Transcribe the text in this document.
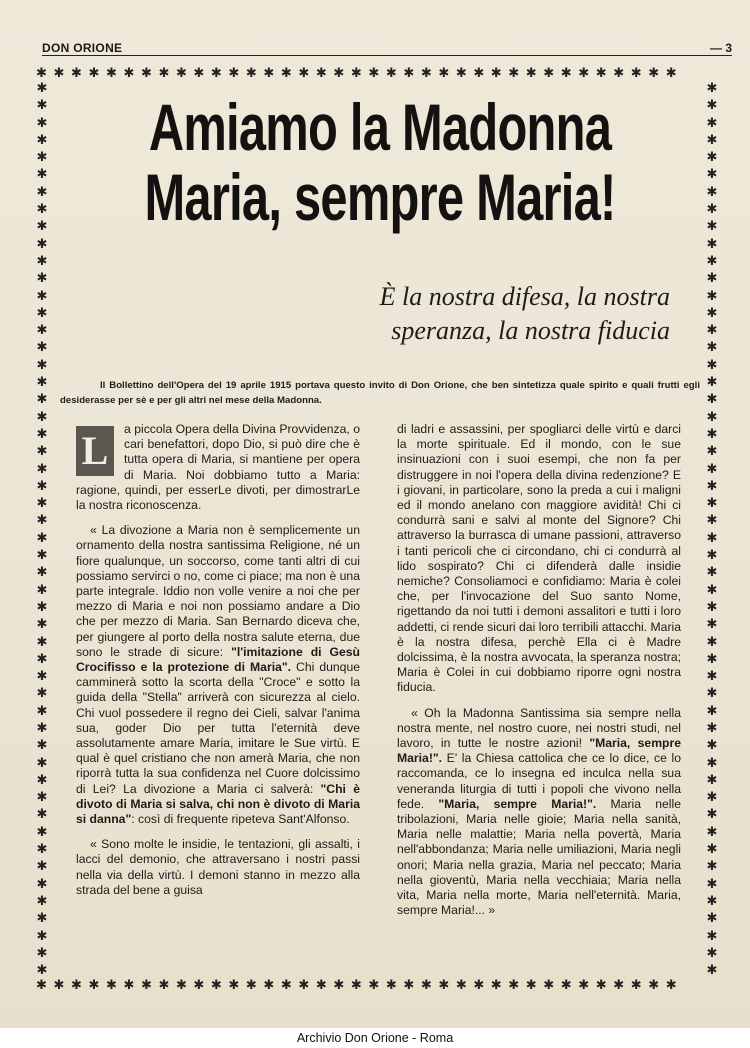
DON ORIONE	— 3
✱✱✱✱✱✱✱✱✱✱✱✱✱✱✱✱✱✱✱✱✱✱✱✱✱✱✱✱✱✱✱✱✱✱✱✱✱
✱✱✱✱✱✱✱✱✱✱✱✱✱✱✱✱✱✱✱✱✱✱✱✱✱✱✱✱✱✱✱✱✱✱✱✱✱
✱
✱
✱
✱
✱
✱
✱
✱
✱
✱
✱
✱
✱
✱
✱
✱
✱
✱
✱
✱
✱
✱
✱
✱
✱
✱
✱
✱
✱
✱
✱
✱
✱
✱
✱
✱
✱
✱
✱
✱
✱
✱
✱
✱
✱
✱
✱
✱
✱
✱
✱
✱
✱
✱
✱
✱
✱
✱
✱
✱
✱
✱
✱
✱
✱
✱
✱
✱
✱
✱
✱
✱
✱
✱
✱
✱
✱
✱
✱
✱
✱
✱
✱
✱
✱
✱
✱
✱
✱
✱
✱
✱
✱
✱
✱
✱
✱
✱
✱
✱
✱
✱
✱
✱
Amiamo la Madonna
Maria, sempre Maria!
È la nostra difesa, la nostra
speranza, la nostra fiducia

Il Bollettino dell'Opera del 19 aprile 1915 portava questo invito di Don Orione, che ben sintetizza quale spirito e quali frutti egli desiderasse per sè e per gli altri nel mese della Madonna.

L	a piccola Opera della Divina Provvidenza, o cari benefattori, dopo Dio, si può dire che è tutta opera di Maria, si mantiene per opera di Maria. Noi dobbiamo tutto a Maria: ragione, quindi, per esserLe divoti, per dimostrarLe la nostra riconoscenza.

« La divozione a Maria non è semplicemente un ornamento della nostra santissima Religione, né un fiore qualunque, un soccorso, come tanti altri di cui possiamo servirci o no, come ci piace; ma non è una parte integrale. Iddio non volle venire a noi che per mezzo di Maria e noi non possiamo andare a Dio che per mezzo di Maria. San Bernardo diceva che, per giungere al porto della nostra salute eterna, due sono le strade di sicure: "l'imitazione di Gesù Crocifisso e la protezione di Maria". Chi dunque camminerà sotto la scorta della "Croce" e sotto la guida della "Stella" arriverà con sicurezza al cielo. Chi vuol possedere il regno dei Cieli, salvar l'anima sua, goder Dio per tutta l'eternità deve assolutamente amare Maria, imitare le Sue virtù. E qual è quel cristiano che non amerà Maria, che non riporrà tutta la sua confidenza nel Cuore dolcissimo di Lei? La divozione a Maria ci salverà: "Chi è divoto di Maria si salva, chi non è divoto di Maria si danna": così di frequente ripeteva Sant'Alfonso.

« Sono molte le insidie, le tentazioni, gli assalti, i lacci del demonio, che attraversano i nostri passi nella via della virtù. I demoni stanno in mezzo alla strada del bene a guisa

di ladri e assassini, per spogliarci delle virtù e darci la morte spirituale. Ed il mondo, con le sue insinuazioni con i suoi esempi, che non fa per distruggere in noi l'opera della divina redenzione? E i giovani, in particolare, sono la preda a cui i maligni ed il mondo anelano con maggiore avidità! Chi ci condurrà sani e salvi al monte del Signore? Chi attraverso la burrasca di umane passioni, attraverso i tanti pericoli che ci circondano, chi ci condurrà al lido sospirato? Chi ci difenderà dalle insidie nemiche? Consoliamoci e confidiamo: Maria è colei che, per l'invocazione del Suo santo Nome, rigettando da noi tutti i demoni assalitori e tutti i loro addetti, ci rende sicuri dai loro terribili attacchi. Maria è la nostra difesa, perchè Ella ci è Madre dolcissima, è la nostra avvocata, la speranza nostra; Maria è Colei in cui dobbiamo riporre ogni nostra fiducia.

« Oh la Madonna Santissima sia sempre nella nostra mente, nel nostro cuore, nei nostri studi, nel lavoro, in tutte le nostre azioni! "Maria, sempre Maria!". E' la Chiesa cattolica che ce lo dice, ce lo raccomanda, ce lo insegna ed inculca nella sua veneranda liturgia di tutti i popoli che vivono nella fede. "Maria, sempre Maria!". Maria nelle tribolazioni, Maria nelle gioie; Maria nella sanità, Maria nelle malattie; Maria nella povertà, Maria nell'abbondanza; Maria nelle umiliazioni, Maria negli onori; Maria nella grazia, Maria nel peccato; Maria nella gioventù, Maria nella vecchiaia; Maria nella vita, Maria nella morte, Maria nell'eternità. Maria, sempre Maria!... »

Archivio Don Orione - Roma
